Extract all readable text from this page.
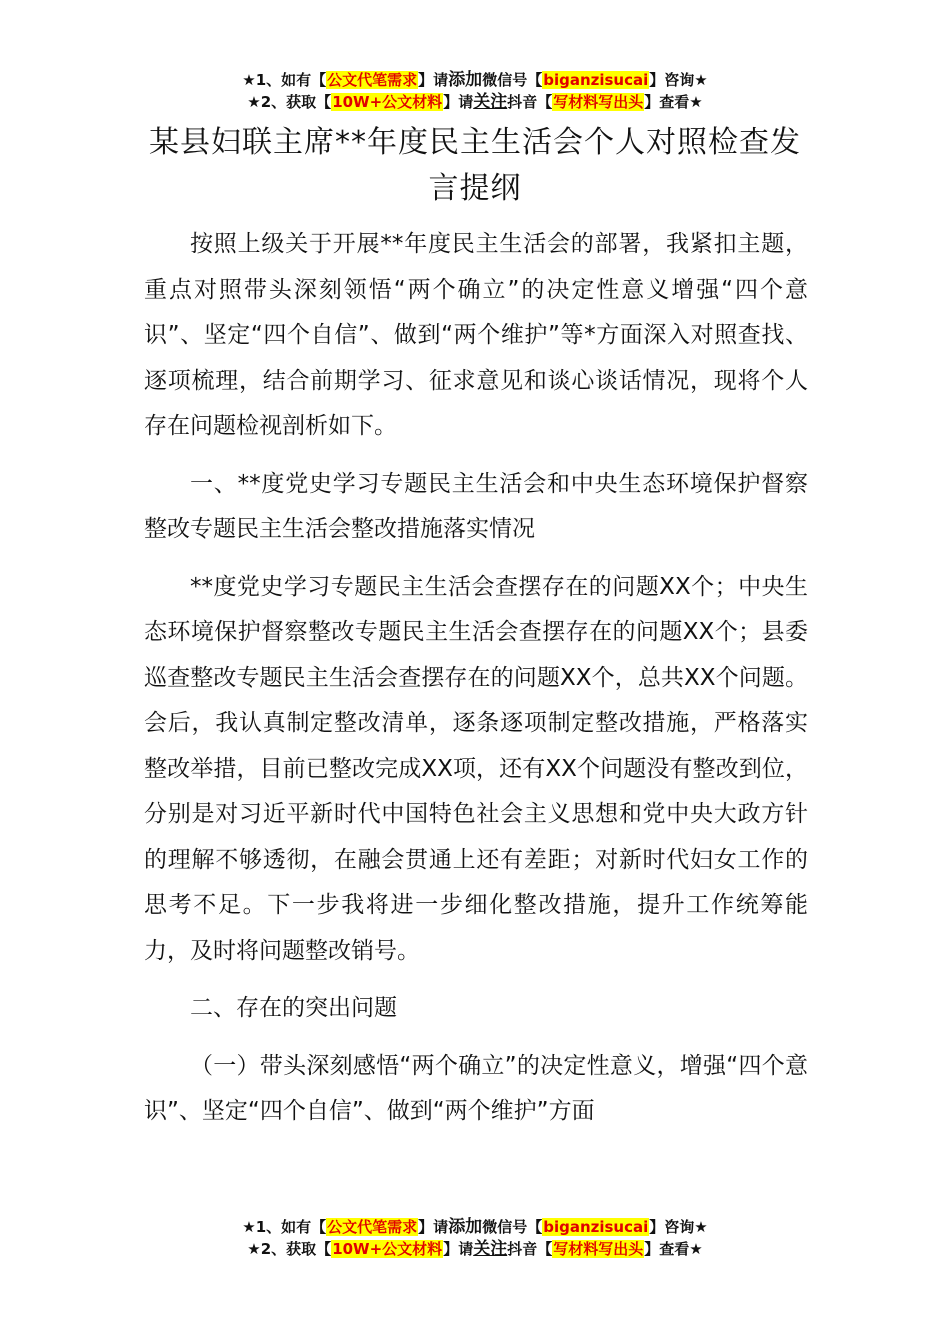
★1、如有【公文代笔需求】请添加微信号【biganzisucai】咨询★
★2、获取【10W+公文材料】请关注抖音【写材料写出头】查看★
某县妇联主席**年度民主生活会个人对照检查发言提纲

按照上级关于开展**年度民主生活会的部署，我紧扣主题，重点对照带头深刻领悟“两个确立”的决定性意义增强“四个意识”、坚定“四个自信”、做到“两个维护”等*方面深入对照查找、逐项梳理，结合前期学习、征求意见和谈心谈话情况，现将个人存在问题检视剖析如下。

一、**度党史学习专题民主生活会和中央生态环境保护督察整改专题民主生活会整改措施落实情况

**度党史学习专题民主生活会查摆存在的问题XX个；中央生态环境保护督察整改专题民主生活会查摆存在的问题XX个；县委巡查整改专题民主生活会查摆存在的问题XX个，总共XX个问题。会后，我认真制定整改清单，逐条逐项制定整改措施，严格落实整改举措，目前已整改完成XX项，还有XX个问题没有整改到位，分别是对习近平新时代中国特色社会主义思想和党中央大政方针的理解不够透彻，在融会贯通上还有差距；对新时代妇女工作的思考不足。下一步我将进一步细化整改措施，提升工作统筹能力，及时将问题整改销号。

二、存在的突出问题

（一）带头深刻感悟“两个确立”的决定性意义，增强“四个意识”、坚定“四个自信”、做到“两个维护”方面

★1、如有【公文代笔需求】请添加微信号【biganzisucai】咨询★
★2、获取【10W+公文材料】请关注抖音【写材料写出头】查看★
